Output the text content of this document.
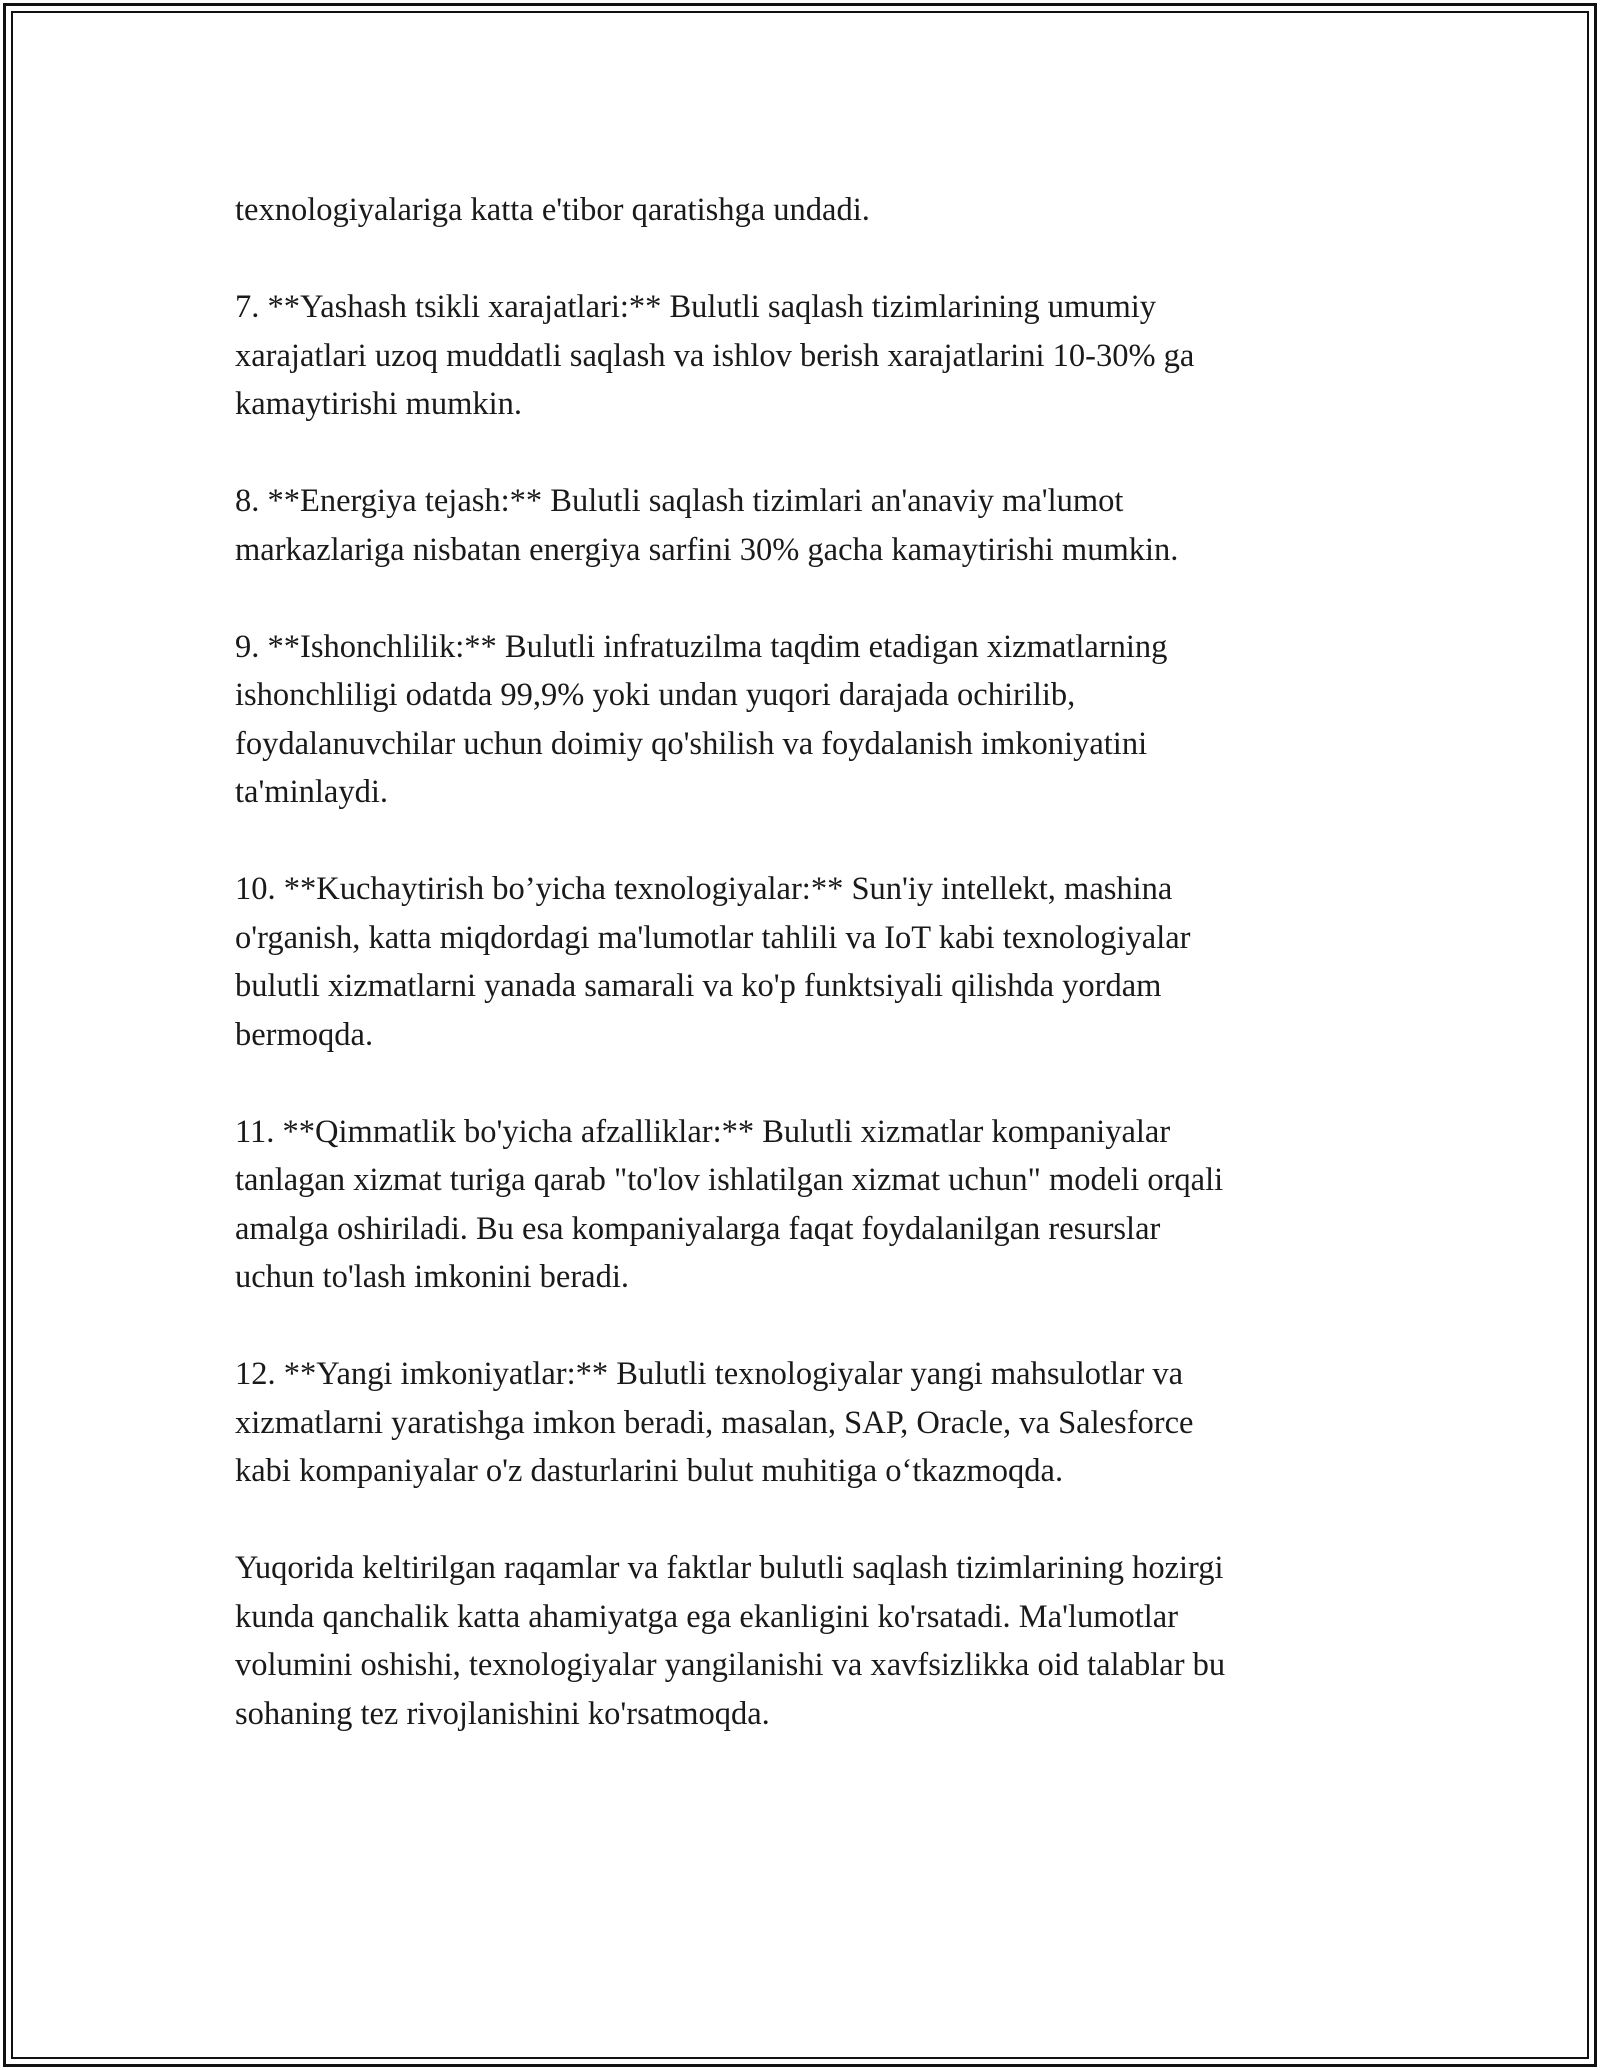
texnologiyalariga katta e'tibor qaratishga undadi.

7. **Yashash tsikli xarajatlari:** Bulutli saqlash tizimlarining umumiy
xarajatlari uzoq muddatli saqlash va ishlov berish xarajatlarini 10-30% ga
kamaytirishi mumkin.

8. **Energiya tejash:** Bulutli saqlash tizimlari an'anaviy ma'lumot
markazlariga nisbatan energiya sarfini 30% gacha kamaytirishi mumkin.

9. **Ishonchlilik:** Bulutli infratuzilma taqdim etadigan xizmatlarning
ishonchliligi odatda 99,9% yoki undan yuqori darajada ochirilib,
foydalanuvchilar uchun doimiy qo'shilish va foydalanish imkoniyatini
ta'minlaydi.

10. **Kuchaytirish bo’yicha texnologiyalar:** Sun'iy intellekt, mashina
o'rganish, katta miqdordagi ma'lumotlar tahlili va IoT kabi texnologiyalar
bulutli xizmatlarni yanada samarali va ko'p funktsiyali qilishda yordam
bermoqda.

11. **Qimmatlik bo'yicha afzalliklar:** Bulutli xizmatlar kompaniyalar
tanlagan xizmat turiga qarab "to'lov ishlatilgan xizmat uchun" modeli orqali
amalga oshiriladi. Bu esa kompaniyalarga faqat foydalanilgan resurslar
uchun to'lash imkonini beradi.

12. **Yangi imkoniyatlar:** Bulutli texnologiyalar yangi mahsulotlar va
xizmatlarni yaratishga imkon beradi, masalan, SAP, Oracle, va Salesforce
kabi kompaniyalar o'z dasturlarini bulut muhitiga o‘tkazmoqda.

Yuqorida keltirilgan raqamlar va faktlar bulutli saqlash tizimlarining hozirgi
kunda qanchalik katta ahamiyatga ega ekanligini ko'rsatadi. Ma'lumotlar
volumini oshishi, texnologiyalar yangilanishi va xavfsizlikka oid talablar bu
sohaning tez rivojlanishini ko'rsatmoqda.
